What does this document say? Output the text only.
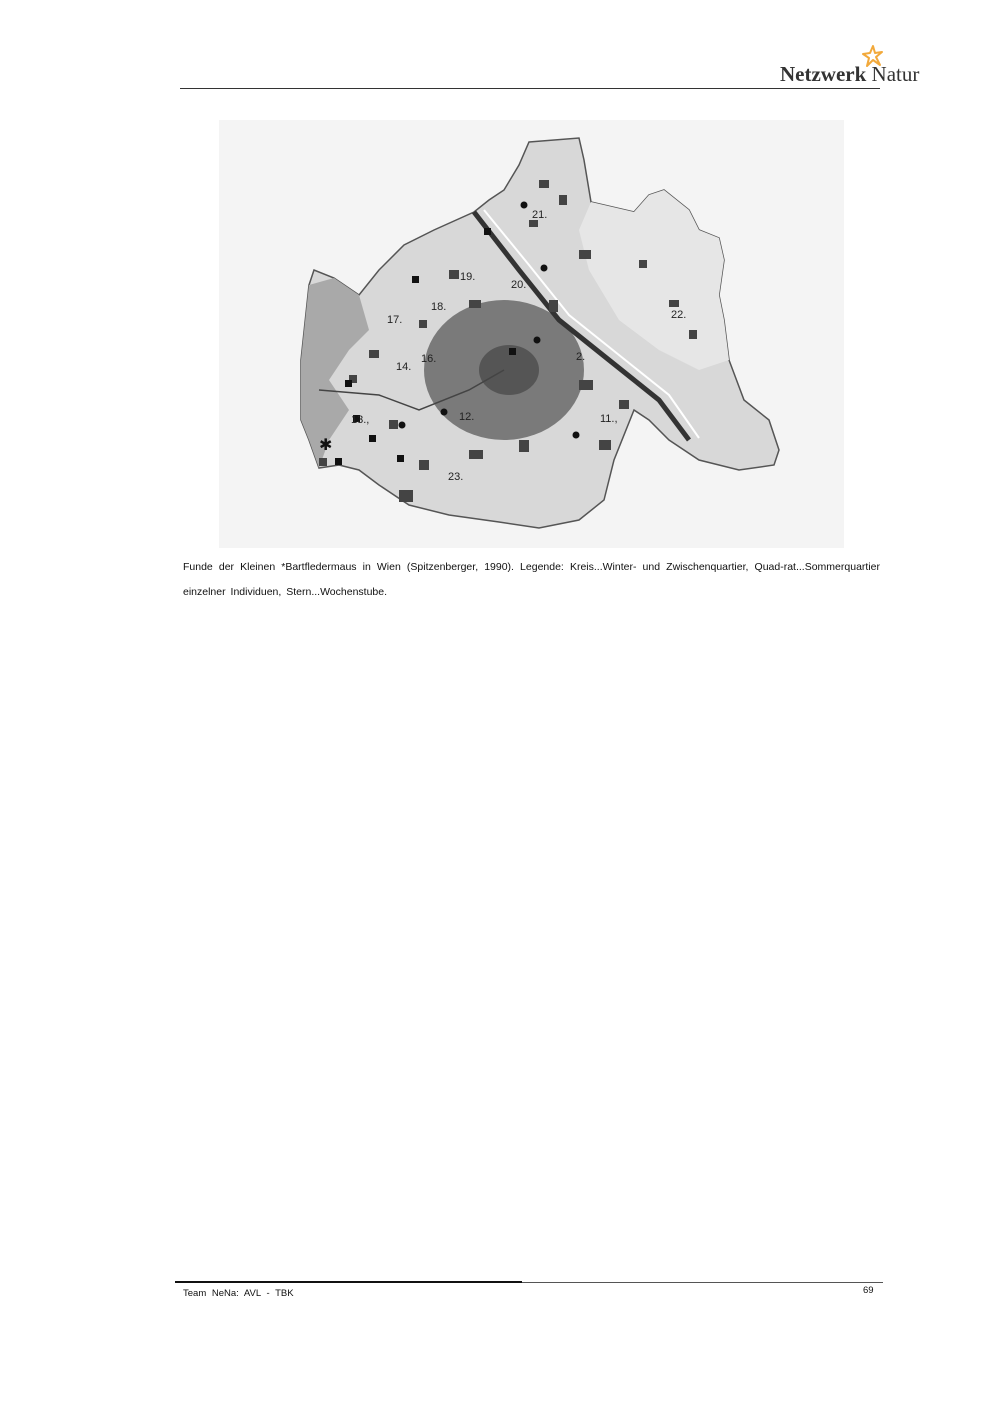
Netzwerk Natur
✱
21.
19.
20.
17.
18.
22.
16.	2.
14.
13.,	11.,
12.
23.
Funde der Kleinen *Bartfledermaus in Wien (Spitzenberger, 1990). Legende: Kreis...Winter- und Zwischenquartier, Quad-rat...Sommerquartier einzelner Individuen, Stern...Wochenstube.
Team NeNa: AVL - TBK	69
